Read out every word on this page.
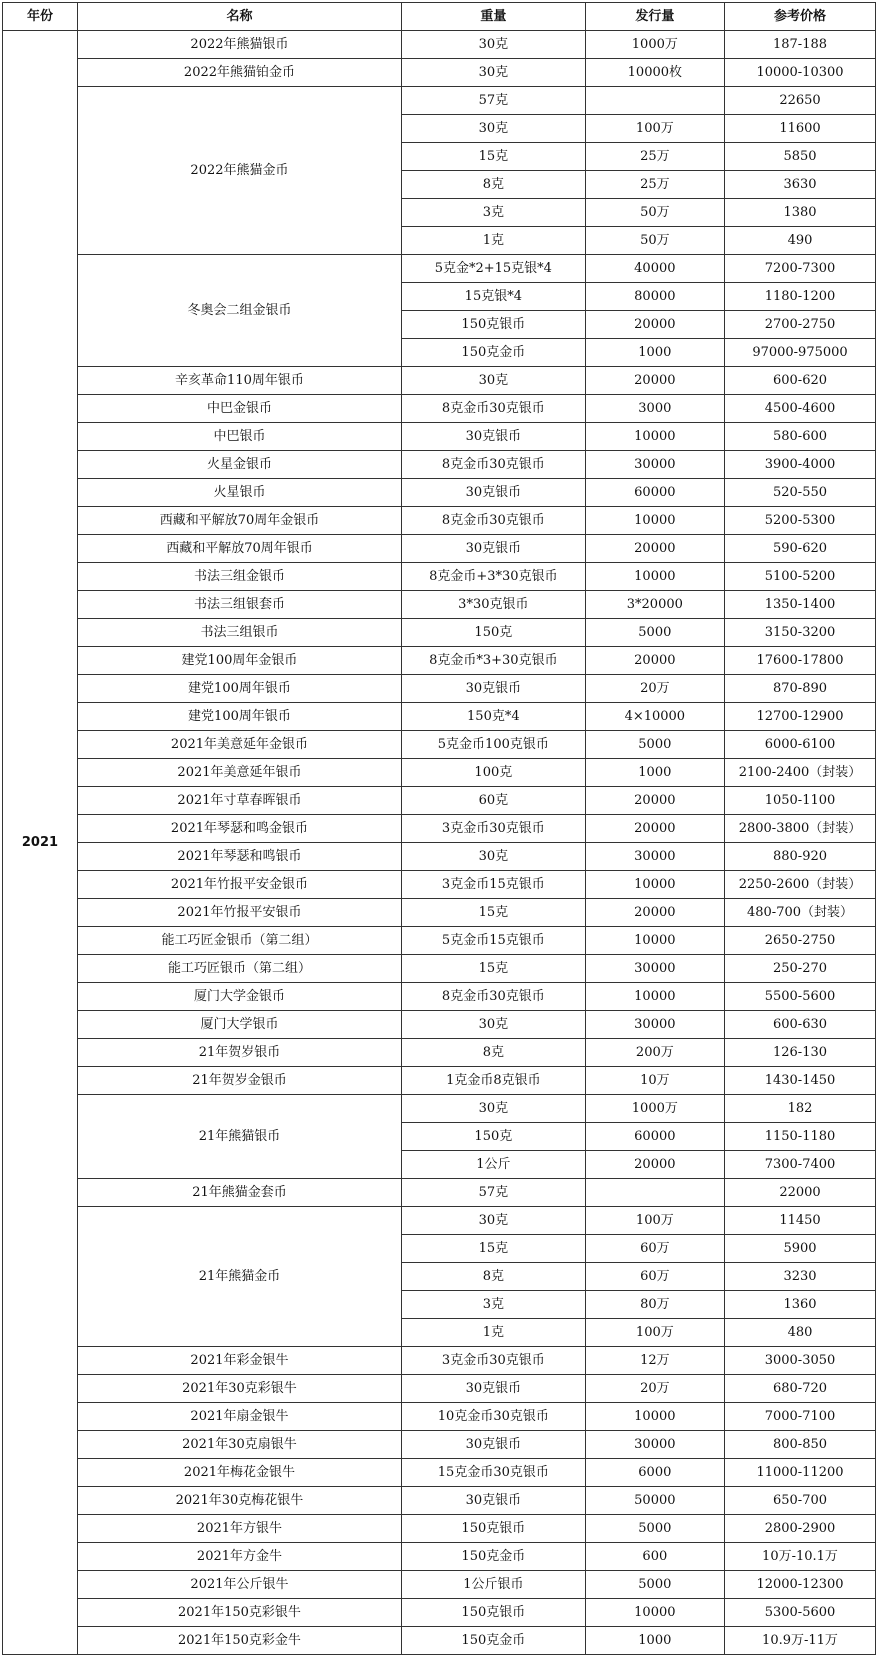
年份	名称	重量	发行量	参考价格
2021	2022年熊猫银币	30克	1000万	187-188
	2022年熊猫铂金币	30克	10000枚	10000-10300
	2022年熊猫金币	57克		22650
		30克	100万	11600
		15克	25万	5850
		8克	25万	3630
		3克	50万	1380
		1克	50万	490
	冬奥会二组金银币	5克金*2+15克银*4	40000	7200-7300
		15克银*4	80000	1180-1200
		150克银币	20000	2700-2750
		150克金币	1000	97000-975000
	辛亥革命110周年银币	30克	20000	600-620
	中巴金银币	8克金币30克银币	3000	4500-4600
	中巴银币	30克银币	10000	580-600
	火星金银币	8克金币30克银币	30000	3900-4000
	火星银币	30克银币	60000	520-550
	西藏和平解放70周年金银币	8克金币30克银币	10000	5200-5300
	西藏和平解放70周年银币	30克银币	20000	590-620
	书法三组金银币	8克金币+3*30克银币	10000	5100-5200
	书法三组银套币	3*30克银币	3*20000	1350-1400
	书法三组银币	150克	5000	3150-3200
	建党100周年金银币	8克金币*3+30克银币	20000	17600-17800
	建党100周年银币	30克银币	20万	870-890
	建党100周年银币	150克*4	4×10000	12700-12900
	2021年美意延年金银币	5克金币100克银币	5000	6000-6100
	2021年美意延年银币	100克	1000	2100-2400（封装）
	2021年寸草春晖银币	60克	20000	1050-1100
	2021年琴瑟和鸣金银币	3克金币30克银币	20000	2800-3800（封装）
	2021年琴瑟和鸣银币	30克	30000	880-920
	2021年竹报平安金银币	3克金币15克银币	10000	2250-2600（封装）
	2021年竹报平安银币	15克	20000	480-700（封装）
	能工巧匠金银币（第二组）	5克金币15克银币	10000	2650-2750
	能工巧匠银币（第二组）	15克	30000	250-270
	厦门大学金银币	8克金币30克银币	10000	5500-5600
	厦门大学银币	30克	30000	600-630
	21年贺岁银币	8克	200万	126-130
	21年贺岁金银币	1克金币8克银币	10万	1430-1450
	21年熊猫银币	30克	1000万	182
		150克	60000	1150-1180
		1公斤	20000	7300-7400
	21年熊猫金套币	57克		22000
	21年熊猫金币	30克	100万	11450
		15克	60万	5900
		8克	60万	3230
		3克	80万	1360
		1克	100万	480
	2021年彩金银牛	3克金币30克银币	12万	3000-3050
	2021年30克彩银牛	30克银币	20万	680-720
	2021年扇金银牛	10克金币30克银币	10000	7000-7100
	2021年30克扇银牛	30克银币	30000	800-850
	2021年梅花金银牛	15克金币30克银币	6000	11000-11200
	2021年30克梅花银牛	30克银币	50000	650-700
	2021年方银牛	150克银币	5000	2800-2900
	2021年方金牛	150克金币	600	10万-10.1万
	2021年公斤银牛	1公斤银币	5000	12000-12300
	2021年150克彩银牛	150克银币	10000	5300-5600
	2021年150克彩金牛	150克金币	1000	10.9万-11万
